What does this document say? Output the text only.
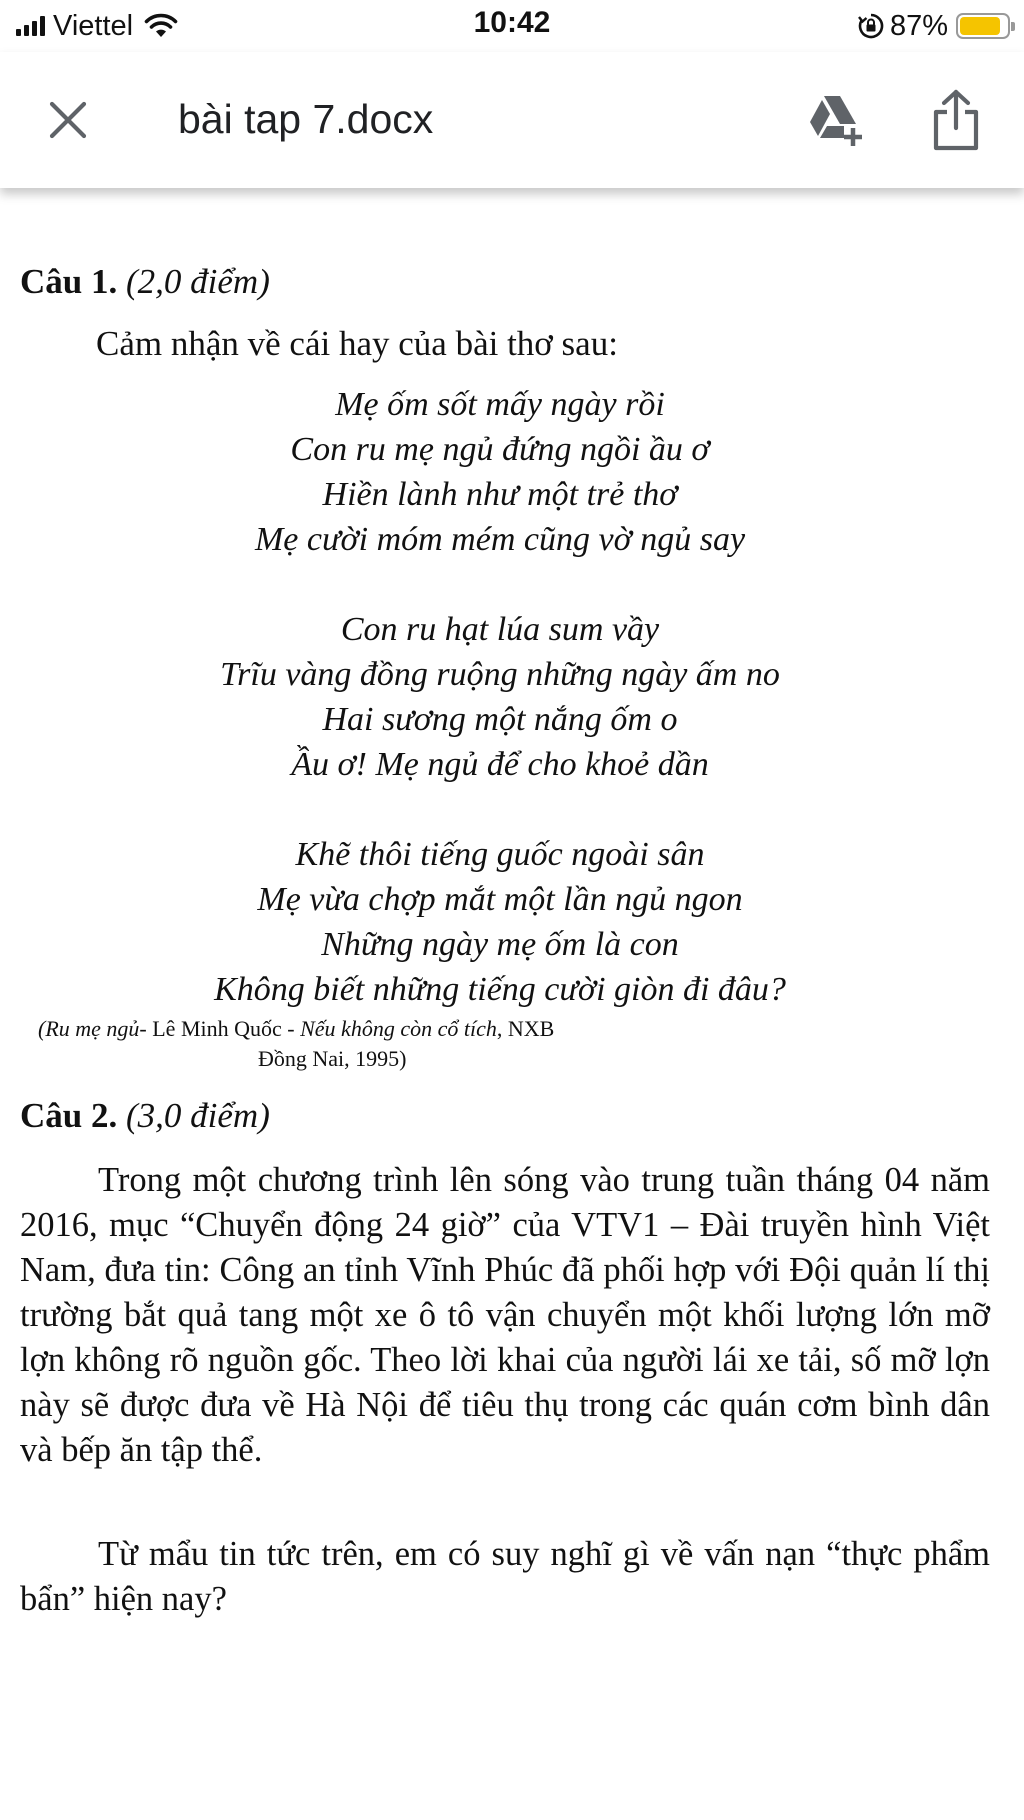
Viettel	10:42	87%
bài tap 7.docx
Câu 1. (2,0 điểm)
Cảm nhận về cái hay của bài thơ sau:
Mẹ ốm sốt mấy ngày rồi
Con ru mẹ ngủ đứng ngồi ầu ơ
Hiền lành như một trẻ thơ
Mẹ cười móm mém cũng vờ ngủ say
Con ru hạt lúa sum vầy
Trĩu vàng đồng ruộng những ngày ấm no
Hai sương một nắng ốm o
Ầu ơ! Mẹ ngủ để cho khoẻ dần
Khẽ thôi tiếng guốc ngoài sân
Mẹ vừa chợp mắt một lần ngủ ngon
Những ngày mẹ ốm là con
Không biết những tiếng cười giòn đi đâu?
(Ru mẹ ngủ- Lê Minh Quốc - Nếu không còn cổ tích, NXB
Đồng Nai, 1995)
Câu 2. (3,0 điểm)
Trong một chương trình lên sóng vào trung tuần tháng 04 năm 2016, mục “Chuyển động 24 giờ” của VTV1 – Đài truyền hình Việt Nam, đưa tin: Công an tỉnh Vĩnh Phúc đã phối hợp với Đội quản lí thị trường bắt quả tang một xe ô tô vận chuyển một khối lượng lớn mỡ lợn không rõ nguồn gốc. Theo lời khai của người lái xe tải, số mỡ lợn này sẽ được đưa về Hà Nội để tiêu thụ trong các quán cơm bình dân và bếp ăn tập thể.
Từ mẩu tin tức trên, em có suy nghĩ gì về vấn nạn “thực phẩm bẩn” hiện nay?
